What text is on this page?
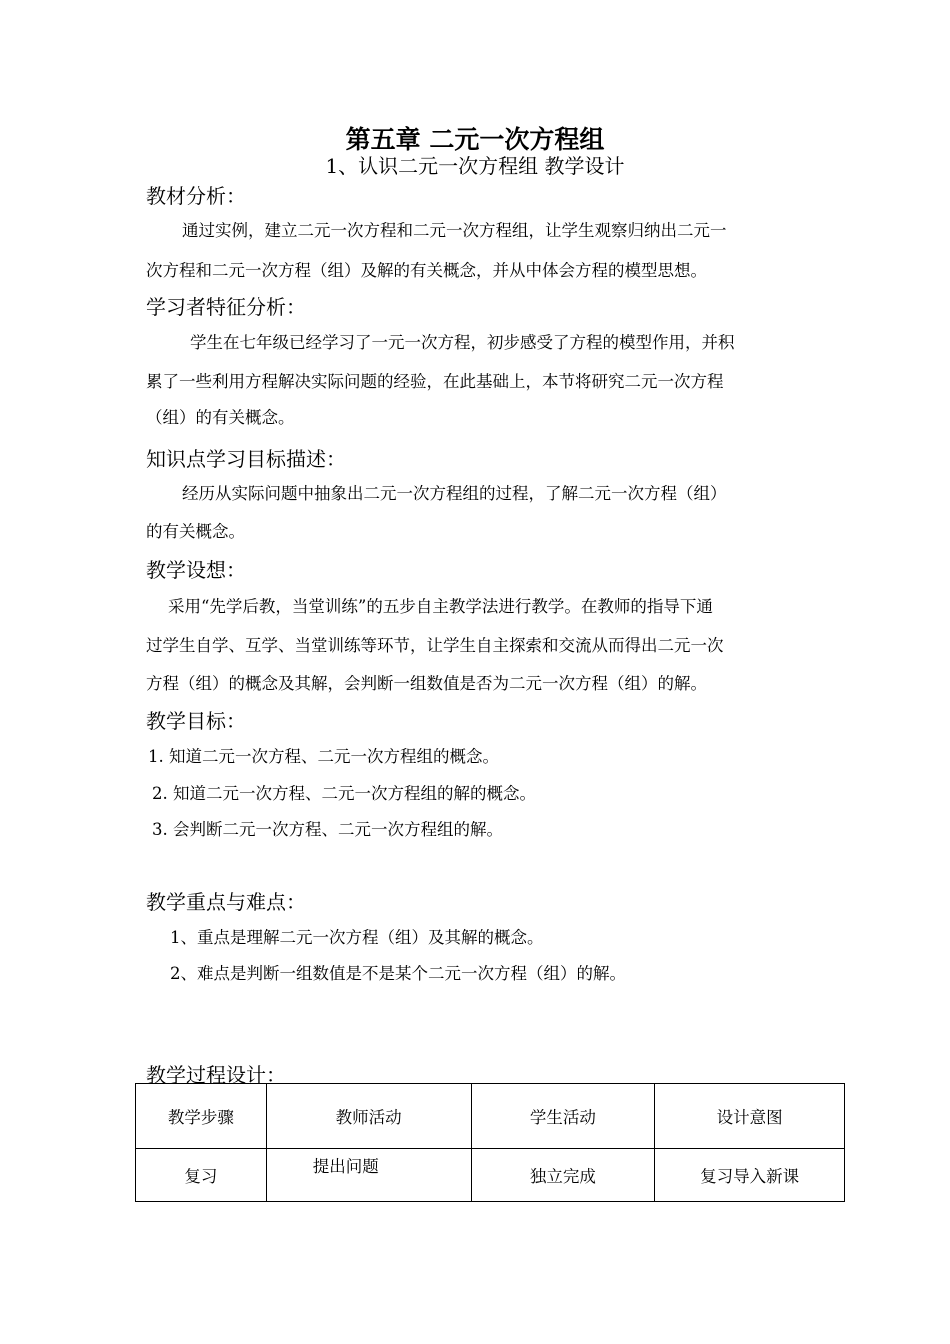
第五章 二元一次方程组
1、认识二元一次方程组 教学设计
教材分析：
通过实例，建立二元一次方程和二元一次方程组，让学生观察归纳出二元一
次方程和二元一次方程（组）及解的有关概念，并从中体会方程的模型思想。
学习者特征分析：
学生在七年级已经学习了一元一次方程，初步感受了方程的模型作用，并积
累了一些利用方程解决实际问题的经验，在此基础上，本节将研究二元一次方程
（组）的有关概念。
知识点学习目标描述：
经历从实际问题中抽象出二元一次方程组的过程，了解二元一次方程（组）
的有关概念。
教学设想：
采用“先学后教，当堂训练”的五步自主教学法进行教学。在教师的指导下通
过学生自学、互学、当堂训练等环节，让学生自主探索和交流从而得出二元一次
方程（组）的概念及其解，会判断一组数值是否为二元一次方程（组）的解。
教学目标：
1. 知道二元一次方程、二元一次方程组的概念。
2. 知道二元一次方程、二元一次方程组的解的概念。
3. 会判断二元一次方程、二元一次方程组的解。
教学重点与难点：
1、重点是理解二元一次方程（组）及其解的概念。
2、难点是判断一组数值是不是某个二元一次方程（组）的解。
教学过程设计：
教学步骤	教师活动	学生活动	设计意图
复习	提出问题	独立完成	复习导入新课
